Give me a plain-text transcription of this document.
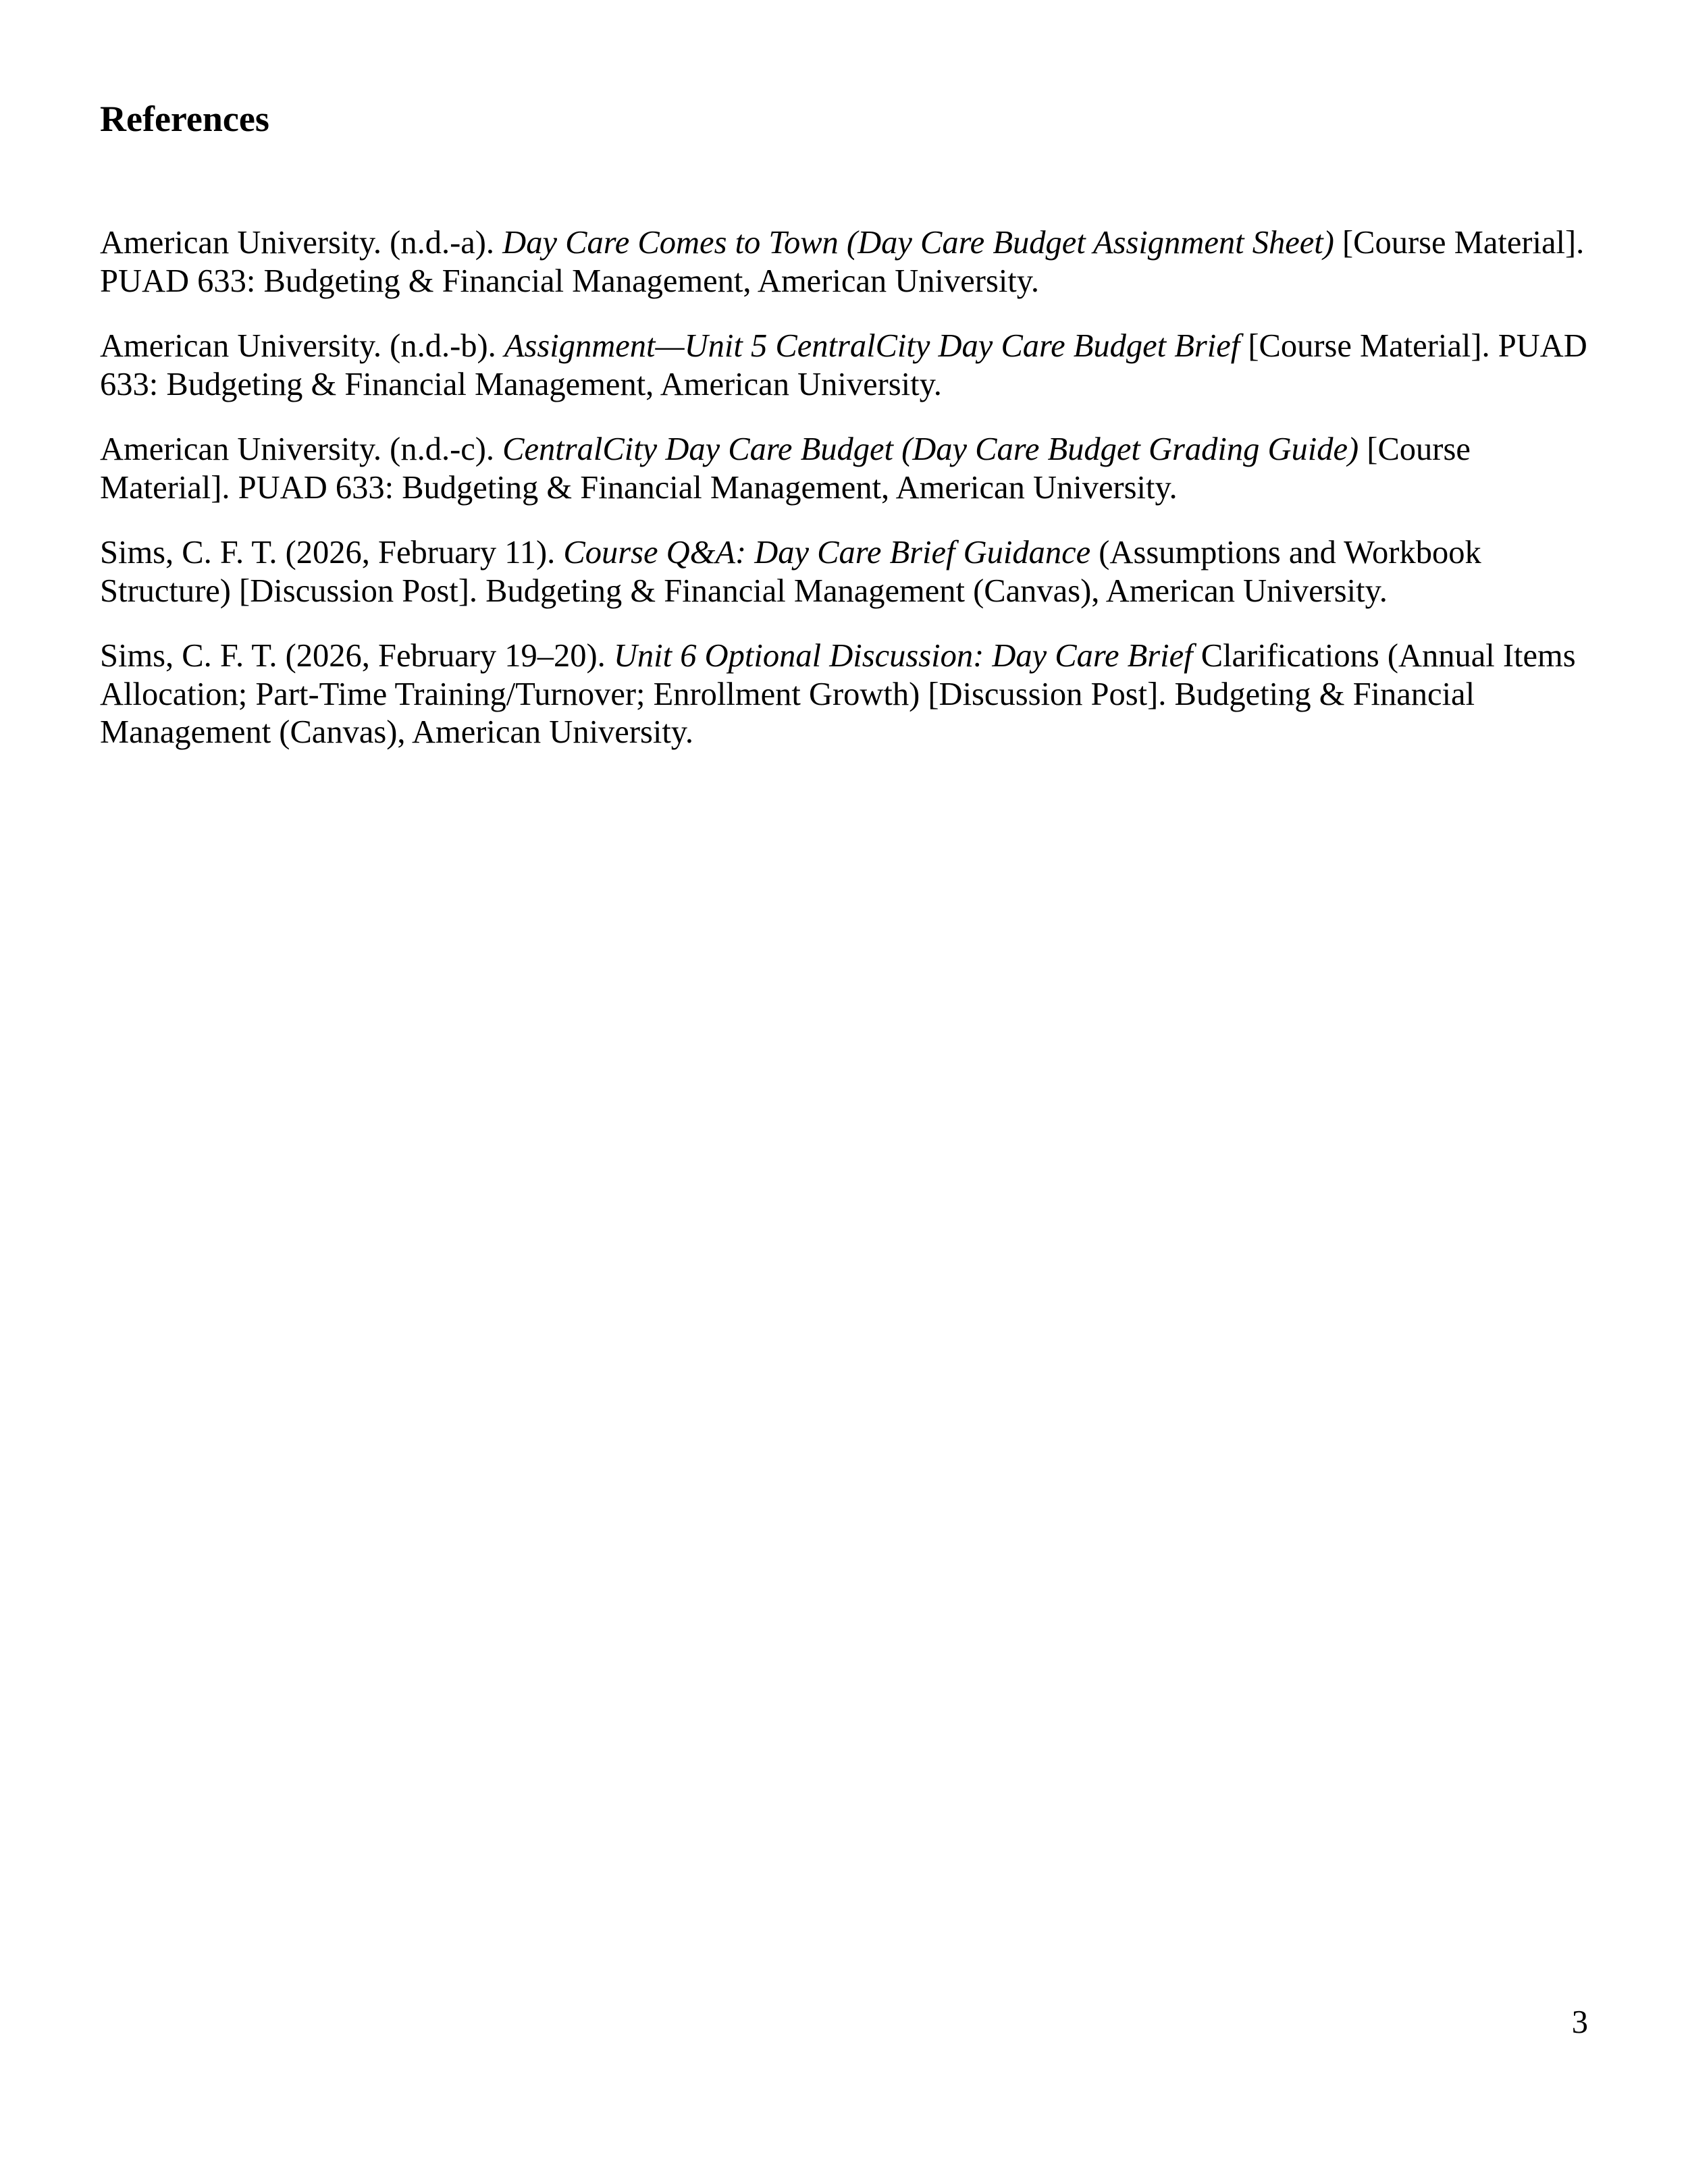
References

American University. (n.d.-a). Day Care Comes to Town (Day Care Budget Assignment Sheet) [Course Material]. PUAD 633: Budgeting & Financial Management, American University.

American University. (n.d.-b). Assignment—Unit 5 CentralCity Day Care Budget Brief [Course Material]. PUAD 633: Budgeting & Financial Management, American University.

American University. (n.d.-c). CentralCity Day Care Budget (Day Care Budget Grading Guide) [Course Material]. PUAD 633: Budgeting & Financial Management, American University.

Sims, C. F. T. (2026, February 11). Course Q&A: Day Care Brief Guidance (Assumptions and Workbook Structure) [Discussion Post]. Budgeting & Financial Management (Canvas), American University.

Sims, C. F. T. (2026, February 19–20). Unit 6 Optional Discussion: Day Care Brief Clarifications (Annual Items Allocation; Part-Time Training/Turnover; Enrollment Growth) [Discussion Post]. Budgeting & Financial Management (Canvas), American University.

3
